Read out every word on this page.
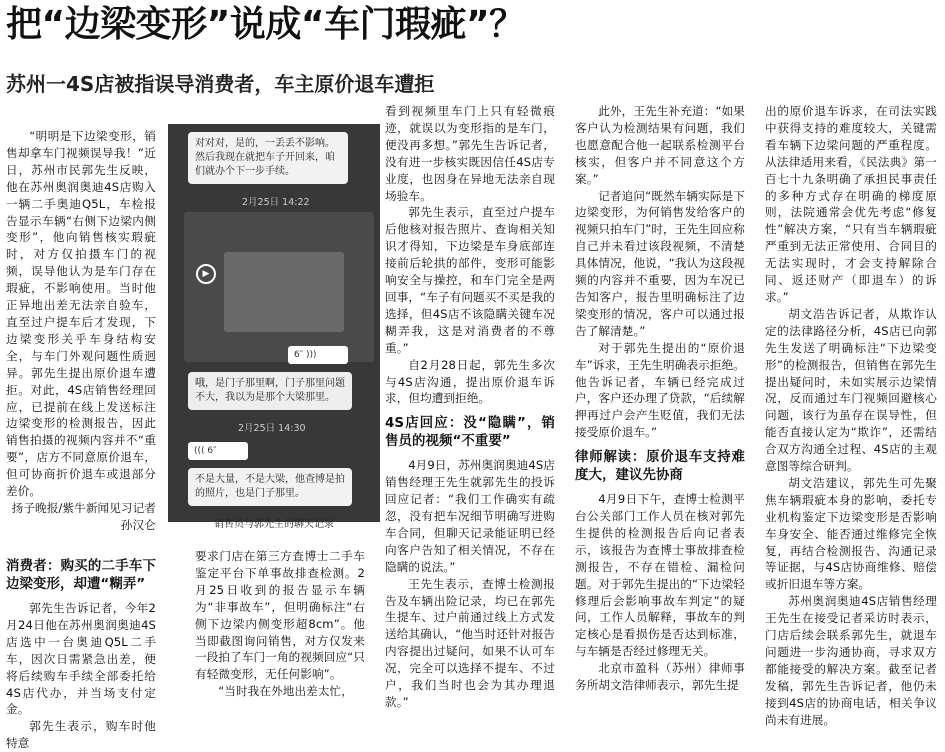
把“边梁变形”说成“车门瑕疵”？
苏州一4S店被指误导消费者，车主原价退车遭拒

“明明是下边梁变形，销售却拿车门视频误导我！”近日，苏州市民郭先生反映，他在苏州奥润奥迪4S店购入一辆二手奥迪Q5L，车检报告显示车辆“右侧下边梁内侧变形”，他向销售核实瑕疵时，对方仅拍摄车门的视频，误导他认为是车门存在瑕疵，不影响使用。当时他正异地出差无法亲自验车，直至过户提车后才发现，下边梁变形关乎车身结构安全，与车门外观问题性质迥异。郭先生提出原价退车遭拒。对此，4S店销售经理回应，已提前在线上发送标注边梁变形的检测报告，因此销售拍摄的视频内容并不“重要”，店方不同意原价退车，但可协商折价退车或退部分差价。

扬子晚报/紫牛新闻见习记者

孙汉仑

消费者：购买的二手车下边梁变形，却遭“糊弄”

郭先生告诉记者，今年2月24日他在苏州奥润奥迪4S店选中一台奥迪Q5L二手车，因次日需紧急出差，便将后续购车手续全部委托给4S店代办，并当场支付定金。

郭先生表示，购车时他特意

对对对，是的，一丢丢不影响。然后我现在就把车子开回来，咱们就办个下一步手续。
2月25日 14:22
▶
6″ )))
哦，是门子那里啊，门子那里问题不大，我以为是那个大梁那里。
2月25日 14:30
((( 6″
不是大量，不是大梁，他查博是拍的照片，也是门子那里。
销售员与郭先生的聊天记录

要求门店在第三方查博士二手车鉴定平台下单事故排查检测。2月25日收到的报告显示车辆为“非事故车”，但明确标注“右侧下边梁内侧变形超8cm”。他当即截图询问销售，对方仅发来一段拍了车门一角的视频回应“只有轻微变形，无任何影响”。

“当时我在外地出差太忙，

看到视频里车门上只有轻微痕迹，就误以为变形指的是车门，便没再多想。”郭先生告诉记者，没有进一步核实既因信任4S店专业度，也因身在异地无法亲自现场验车。

郭先生表示，直至过户提车后他核对报告照片、查询相关知识才得知，下边梁是车身底部连接前后轮拱的部件，变形可能影响安全与操控，和车门完全是两回事，“车子有问题买不买是我的选择，但4S店不该隐瞒关键车况糊弄我，这是对消费者的不尊重。”

自2月28日起，郭先生多次与4S店沟通，提出原价退车诉求，但均遭到拒绝。

4S店回应：没“隐瞒”，销售员的视频“不重要”

4月9日，苏州奥润奥迪4S店销售经理王先生就郭先生的投诉回应记者：“我们工作确实有疏忽，没有把车况细节明确写进购车合同，但聊天记录能证明已经向客户告知了相关情况，不存在隐瞒的说法。”

王先生表示，查博士检测报告及车辆出险记录，均已在郭先生提车、过户前通过线上方式发送给其确认，“他当时还针对报告内容提出过疑问，如果不认可车况，完全可以选择不提车、不过户，我们当时也会为其办理退款。”

此外，王先生补充道：“如果客户认为检测结果有问题，我们也愿意配合他一起联系检测平台核实，但客户并不同意这个方案。”

记者追问“既然车辆实际是下边梁变形，为何销售发给客户的视频只拍车门”时，王先生回应称自己并未看过该段视频，不清楚具体情况，他说，“我认为这段视频的内容并不重要，因为车况已告知客户，报告里明确标注了边梁变形的情况，客户可以通过报告了解清楚。”

对于郭先生提出的“原价退车”诉求，王先生明确表示拒绝。他告诉记者，车辆已经完成过户，客户还办理了贷款，“后续解押再过户会产生贬值，我们无法接受原价退车。”

律师解读：原价退车支持难度大，建议先协商

4月9日下午，查博士检测平台公关部门工作人员在核对郭先生提供的检测报告后向记者表示，该报告为查博士事故排查检测报告，不存在错检、漏检问题。对于郭先生提出的“下边梁轻修理后会影响事故车判定”的疑问，工作人员解释，事故车的判定核心是看损伤是否达到标准，与车辆是否经过修理无关。

北京市盈科（苏州）律师事务所胡文浩律师表示，郭先生提

出的原价退车诉求，在司法实践中获得支持的难度较大，关键需看车辆下边梁问题的严重程度。从法律适用来看，《民法典》第一百七十九条明确了承担民事责任的多种方式存在明确的梯度原则，法院通常会优先考虑“修复性”解决方案，“只有当车辆瑕疵严重到无法正常使用、合同目的无法实现时，才会支持解除合同、返还财产（即退车）的诉求。”

胡文浩告诉记者，从欺诈认定的法律路径分析，4S店已向郭先生发送了明确标注“下边梁变形”的检测报告，但销售在郭先生提出疑问时，未如实展示边梁情况，反而通过车门视频回避核心问题，该行为虽存在误导性，但能否直接认定为“欺诈”，还需结合双方沟通全过程、4S店的主观意图等综合研判。

胡文浩建议，郭先生可先聚焦车辆瑕疵本身的影响，委托专业机构鉴定下边梁变形是否影响车身安全、能否通过维修完全恢复，再结合检测报告、沟通记录等证据，与4S店协商维修、赔偿或折旧退车等方案。

苏州奥润奥迪4S店销售经理王先生在接受记者采访时表示，门店后续会联系郭先生，就退车问题进一步沟通协商，寻求双方都能接受的解决方案。截至记者发稿，郭先生告诉记者，他仍未接到4S店的协商电话，相关争议尚未有进展。
